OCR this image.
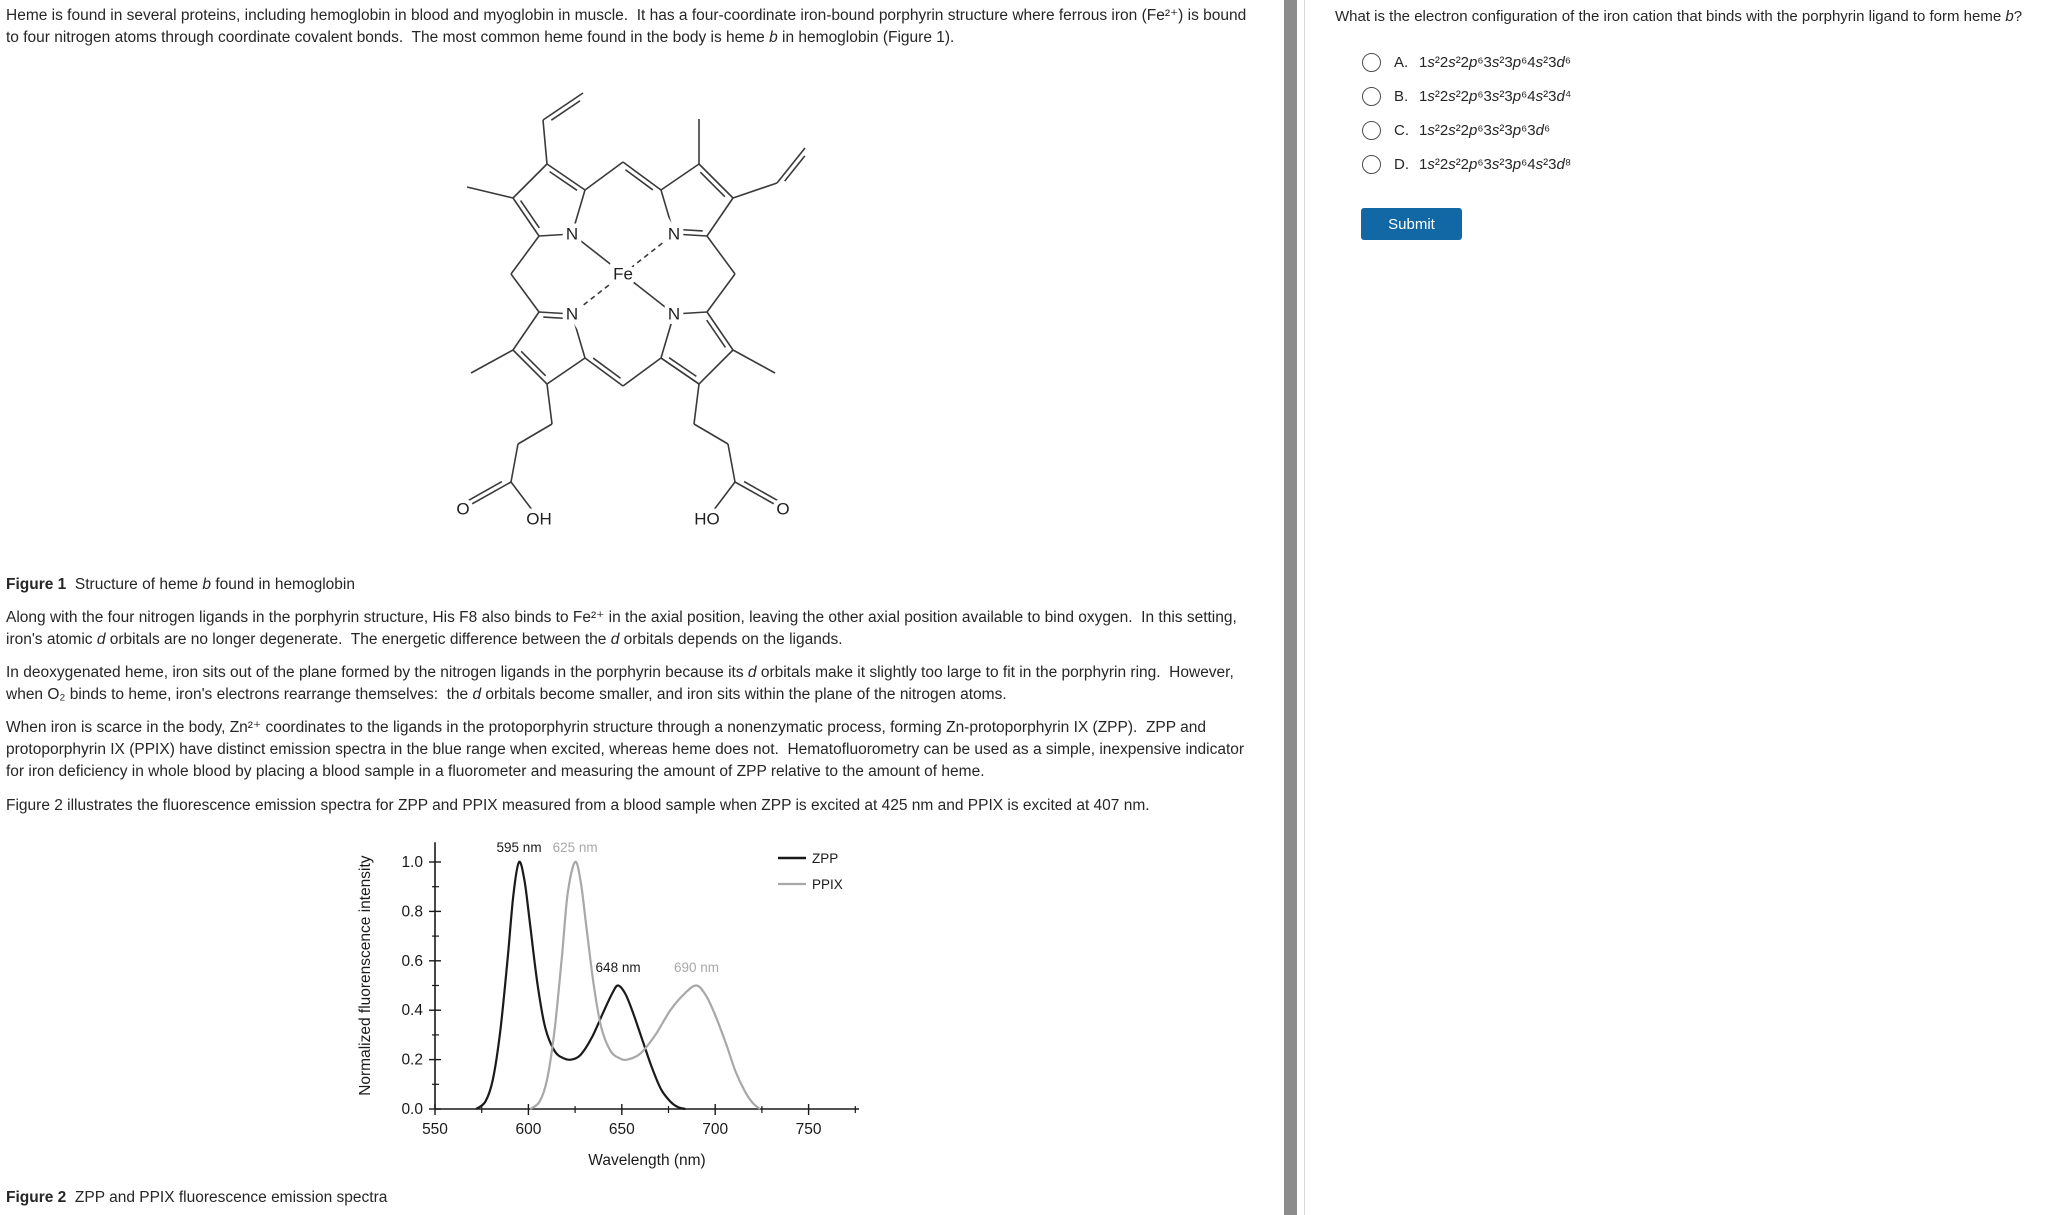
Heme is found in several proteins, including hemoglobin in blood and myoglobin in muscle.  It has a four-coordinate iron-bound porphyrin structure where ferrous iron (Fe²⁺) is bound to four nitrogen atoms through coordinate covalent bonds.  The most common heme found in the body is heme b in hemoglobin (Figure 1).
Fe
N	N
N	N
O
OH	HO
O
Figure 1  Structure of heme b found in hemoglobin
Along with the four nitrogen ligands in the porphyrin structure, His F8 also binds to Fe²⁺ in the axial position, leaving the other axial position available to bind oxygen.  In this setting, iron's atomic d orbitals are no longer degenerate.  The energetic difference between the d orbitals depends on the ligands.
In deoxygenated heme, iron sits out of the plane formed by the nitrogen ligands in the porphyrin because its d orbitals make it slightly too large to fit in the porphyrin ring.  However, when O₂ binds to heme, iron's electrons rearrange themselves:  the d orbitals become smaller, and iron sits within the plane of the nitrogen atoms.
When iron is scarce in the body, Zn²⁺ coordinates to the ligands in the protoporphyrin structure through a nonenzymatic process, forming Zn-protoporphyrin IX (ZPP).  ZPP and protoporphyrin IX (PPIX) have distinct emission spectra in the blue range when excited, whereas heme does not.  Hematofluorometry can be used as a simple, inexpensive indicator for iron deficiency in whole blood by placing a blood sample in a fluorometer and measuring the amount of ZPP relative to the amount of heme.
Figure 2 illustrates the fluorescence emission spectra for ZPP and PPIX measured from a blood sample when ZPP is excited at 425 nm and PPIX is excited at 407 nm.
550	600	650	700	750
0.0
0.2
0.4
0.6
0.8
1.0
Wavelength (nm)
Normalized fluorenscence intensity
595 nm 625 nm
648 nm 690 nm
ZPP
PPIX
Figure 2  ZPP and PPIX fluorescence emission spectra
What is the electron configuration of the iron cation that binds with the porphyrin ligand to form heme b?
A. 1s²2s²2p⁶3s²3p⁶4s²3d⁶
B. 1s²2s²2p⁶3s²3p⁶4s²3d⁴
C. 1s²2s²2p⁶3s²3p⁶3d⁶
D. 1s²2s²2p⁶3s²3p⁶4s²3d⁸
Submit
